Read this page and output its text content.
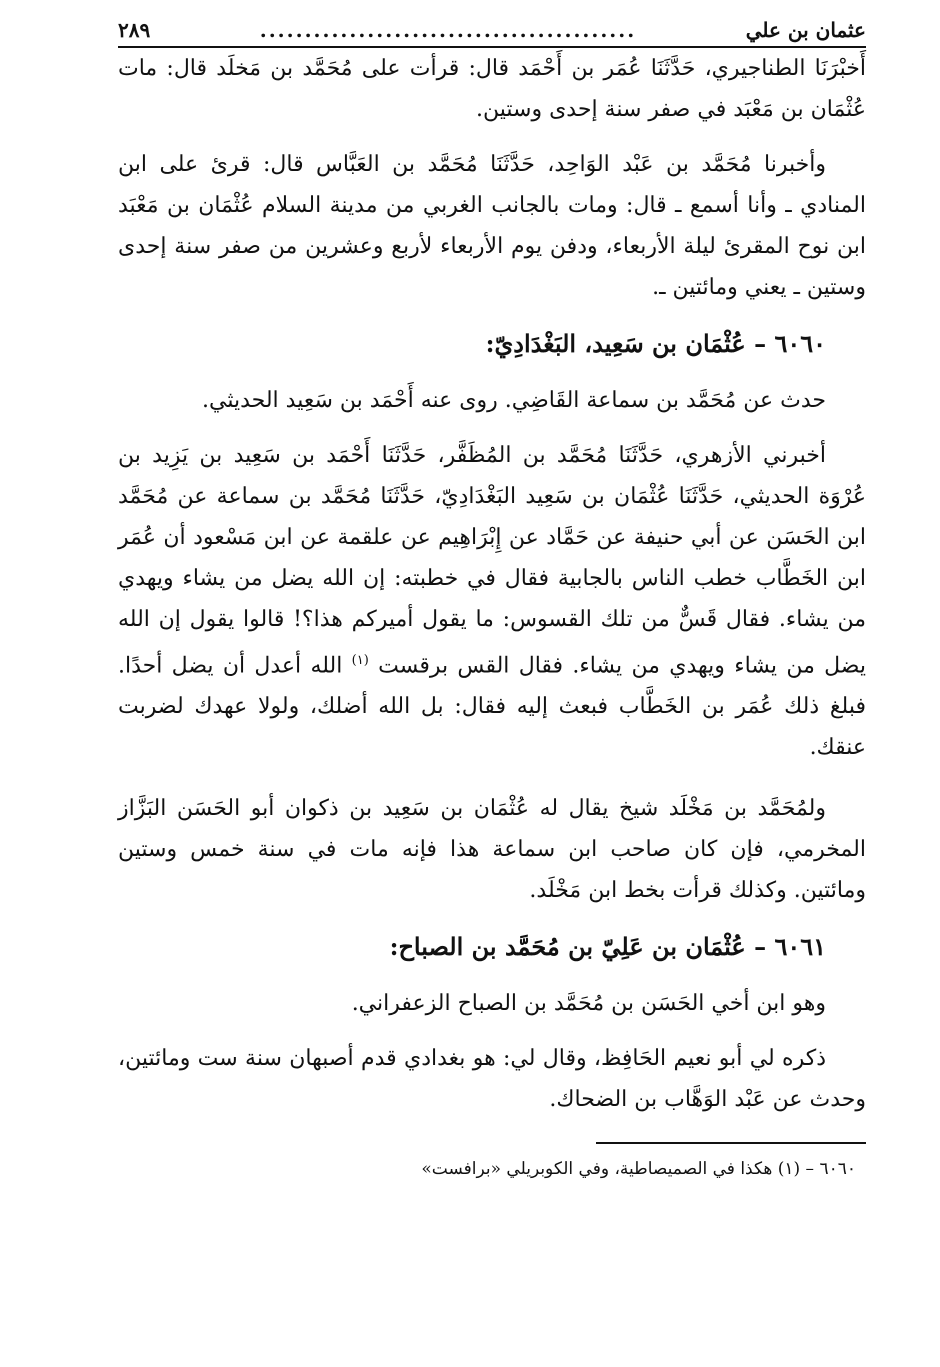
عثمان بن علي
..........................................
٢٨٩

أَخبْرَنَا الطناجيري، حَدَّثَنَا عُمَر بن أَحْمَد قال: قرأت على مُحَمَّد بن مَخلَد قال: مات عُثْمَان بن مَعْبَد في صفر سنة إحدى وستين.

وأخبرنا مُحَمَّد بن عَبْد الوَاحِد، حَدَّثَنَا مُحَمَّد بن العَبَّاس قال: قرئ على ابن المنادي ـ وأنا أسمع ـ قال: ومات بالجانب الغربي من مدينة السلام عُثْمَان بن مَعْبَد ابن نوح المقرئ ليلة الأربعاء، ودفن يوم الأربعاء لأربع وعشرين من صفر سنة إحدى وستين ـ يعني ومائتين ـ.

٦٠٦٠ – عُثْمَان بن سَعِيد، البَغْدَادِيّ:

حدث عن مُحَمَّد بن سماعة القَاضِي. روى عنه أَحْمَد بن سَعِيد الحديثي.

أخبرني الأزهري، حَدَّثَنَا مُحَمَّد بن المُظَفَّر، حَدَّثَنَا أَحْمَد بن سَعِيد بن يَزِيد بن عُرْوَة الحديثي، حَدَّثَنَا عُثْمَان بن سَعِيد البَغْدَادِيّ، حَدَّثَنَا مُحَمَّد بن سماعة عن مُحَمَّد ابن الحَسَن عن أبي حنيفة عن حَمَّاد عن إِبْرَاهِيم عن علقمة عن ابن مَسْعود أن عُمَر ابن الخَطَّاب خطب الناس بالجابية فقال في خطبته: إن الله يضل من يشاء ويهدي من يشاء. فقال قَسٌّ من تلك القسوس: ما يقول أميركم هذا؟! قالوا يقول إن الله يضل من يشاء ويهدي من يشاء. فقال القس برقست $^{(١)}$ الله أعدل أن يضل أحدًا. فبلغ ذلك عُمَر بن الخَطَّاب فبعث إليه فقال: بل الله أضلك، ولولا عهدك لضربت عنقك.

ولمُحَمَّد بن مَخْلَد شيخ يقال له عُثْمَان بن سَعِيد بن ذكوان أبو الحَسَن البَزَّاز المخرمي، فإن كان صاحب ابن سماعة هذا فإنه مات في سنة خمس وستين ومائتين. وكذلك قرأت بخط ابن مَخْلَد.

٦٠٦١ – عُثْمَان بن عَلِيّ بن مُحَمَّد بن الصباح:

وهو ابن أخي الحَسَن بن مُحَمَّد بن الصباح الزعفراني.

ذكره لي أبو نعيم الحَافِظ، وقال لي: هو بغدادي قدم أصبهان سنة ست ومائتين، وحدث عن عَبْد الوَهَّاب بن الضحاك.

٦٠٦٠ – (١) هكذا في الصميصاطية، وفي الكوبريلي «برافست»
